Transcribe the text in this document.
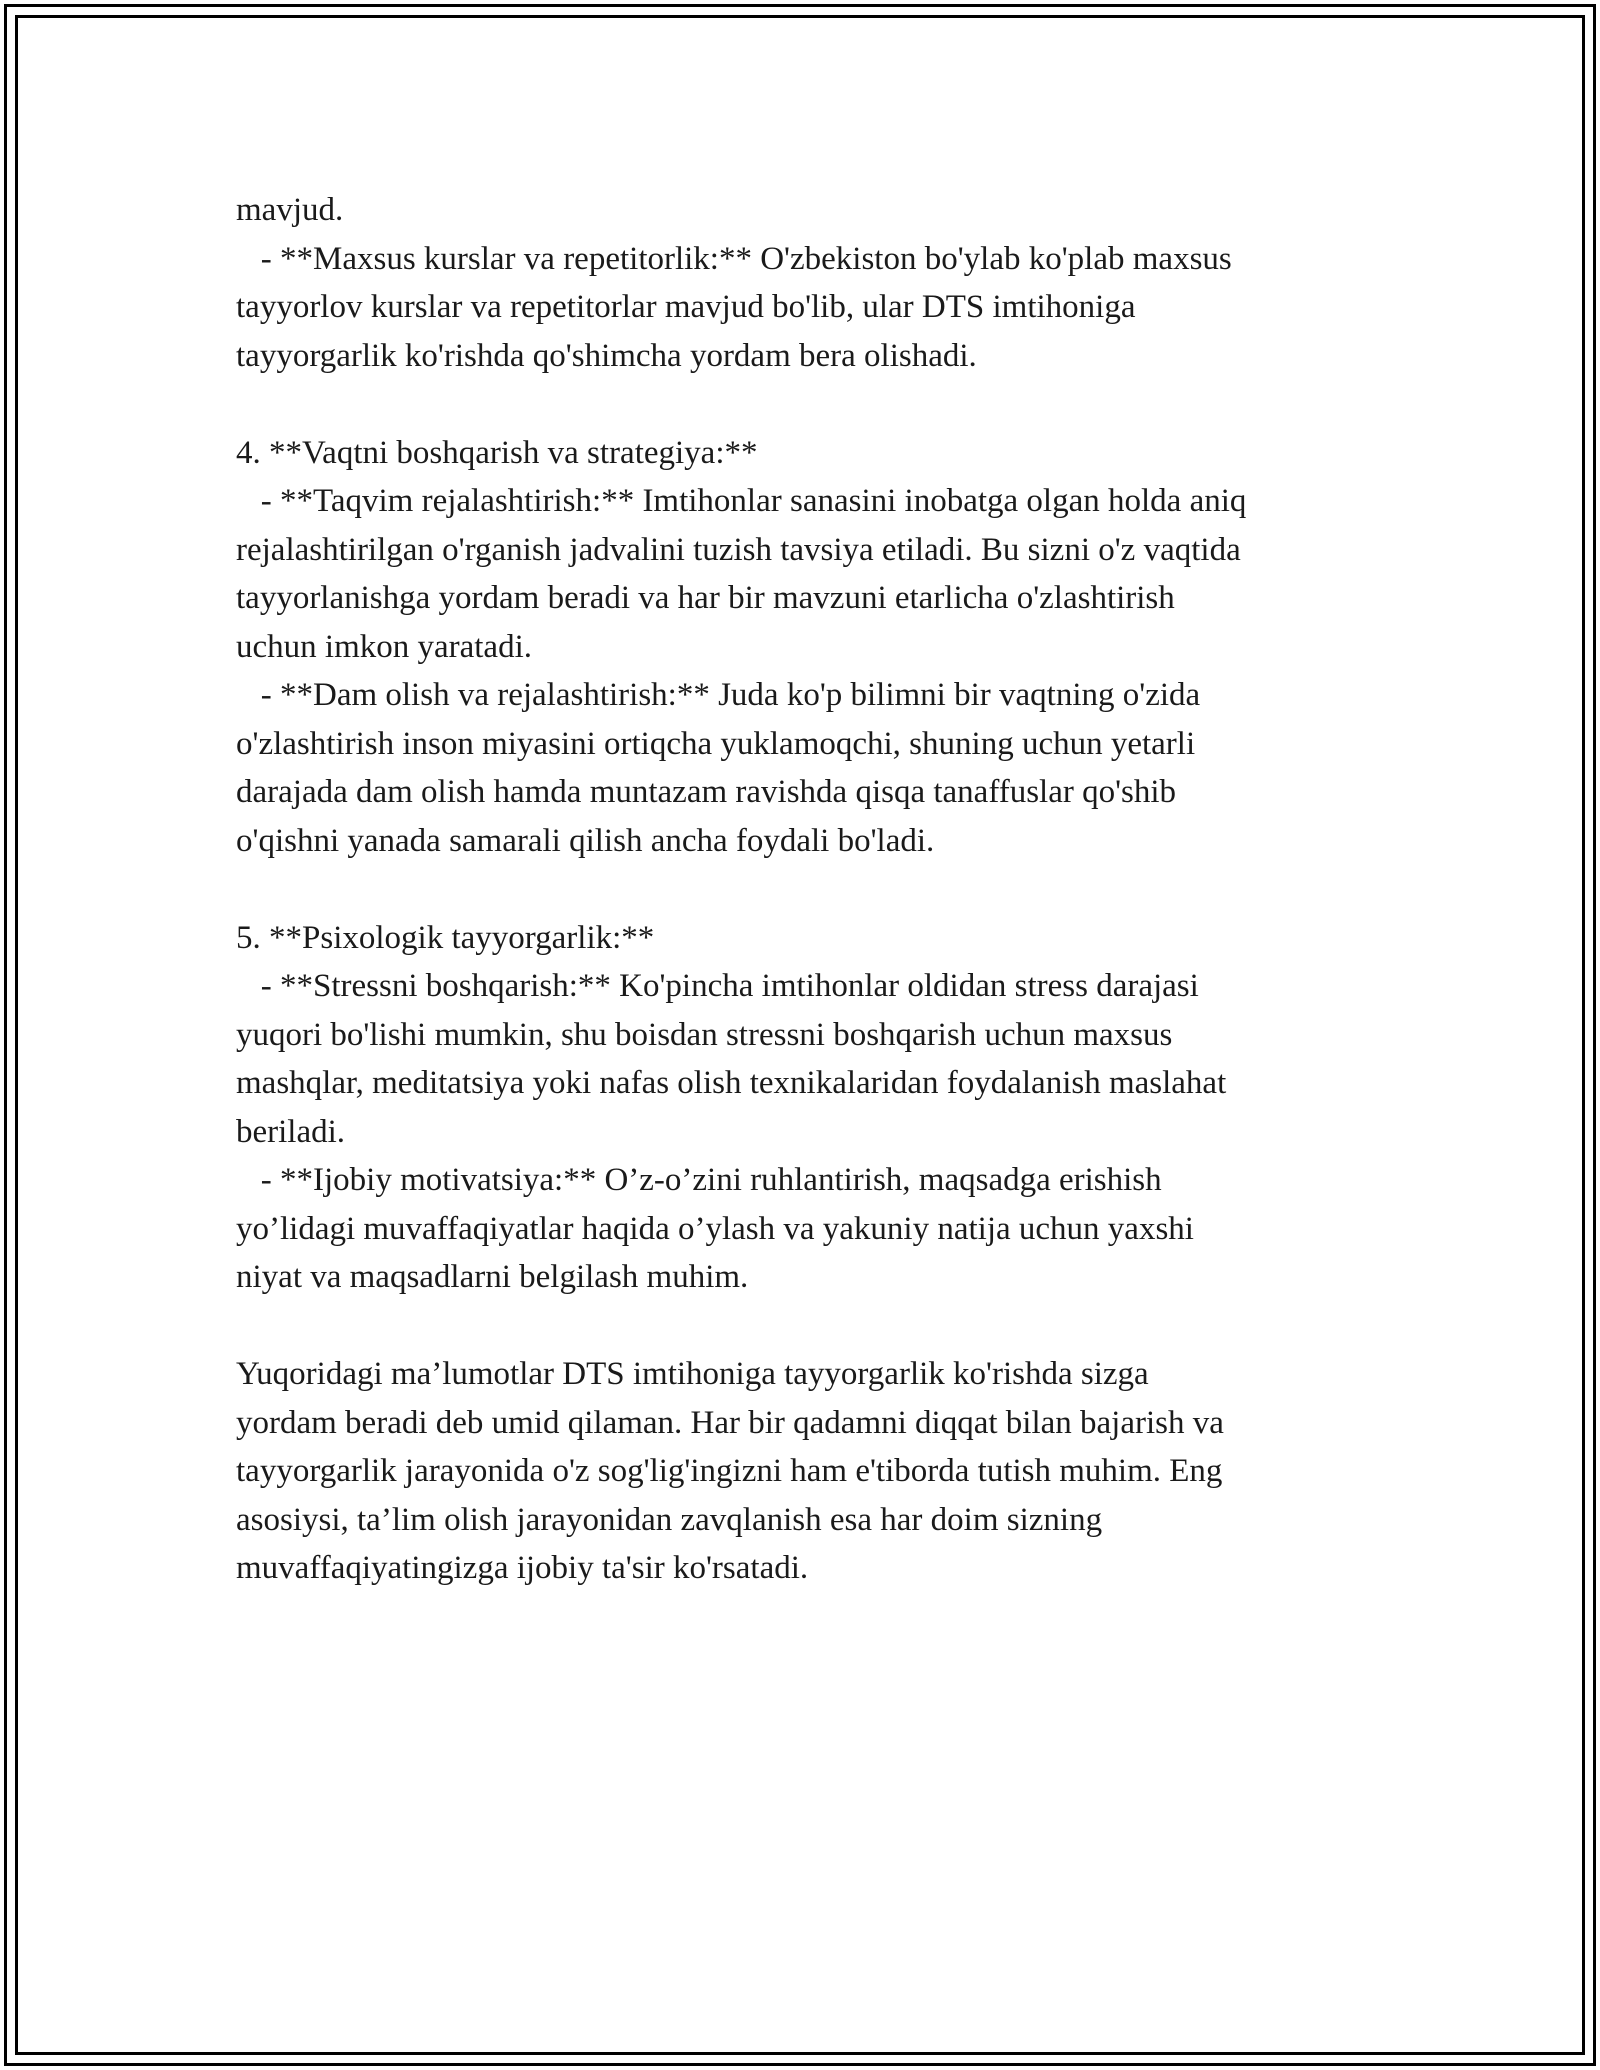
mavjud.

- **Maxsus kurslar va repetitorlik:** O'zbekiston bo'ylab ko'plab maxsus

tayyorlov kurslar va repetitorlar mavjud bo'lib, ular DTS imtihoniga

tayyorgarlik ko'rishda qo'shimcha yordam bera olishadi.

4. **Vaqtni boshqarish va strategiya:**

- **Taqvim rejalashtirish:** Imtihonlar sanasini inobatga olgan holda aniq

rejalashtirilgan o'rganish jadvalini tuzish tavsiya etiladi. Bu sizni o'z vaqtida

tayyorlanishga yordam beradi va har bir mavzuni etarlicha o'zlashtirish

uchun imkon yaratadi.

- **Dam olish va rejalashtirish:** Juda ko'p bilimni bir vaqtning o'zida

o'zlashtirish inson miyasini ortiqcha yuklamoqchi, shuning uchun yetarli

darajada dam olish hamda muntazam ravishda qisqa tanaffuslar qo'shib

o'qishni yanada samarali qilish ancha foydali bo'ladi.

5. **Psixologik tayyorgarlik:**

- **Stressni boshqarish:** Ko'pincha imtihonlar oldidan stress darajasi

yuqori bo'lishi mumkin, shu boisdan stressni boshqarish uchun maxsus

mashqlar, meditatsiya yoki nafas olish texnikalaridan foydalanish maslahat

beriladi.

- **Ijobiy motivatsiya:** O’z-o’zini ruhlantirish, maqsadga erishish

yo’lidagi muvaffaqiyatlar haqida o’ylash va yakuniy natija uchun yaxshi

niyat va maqsadlarni belgilash muhim.

Yuqoridagi ma’lumotlar DTS imtihoniga tayyorgarlik ko'rishda sizga

yordam beradi deb umid qilaman. Har bir qadamni diqqat bilan bajarish va

tayyorgarlik jarayonida o'z sog'lig'ingizni ham e'tiborda tutish muhim. Eng

asosiysi, ta’lim olish jarayonidan zavqlanish esa har doim sizning

muvaffaqiyatingizga ijobiy ta'sir ko'rsatadi.
